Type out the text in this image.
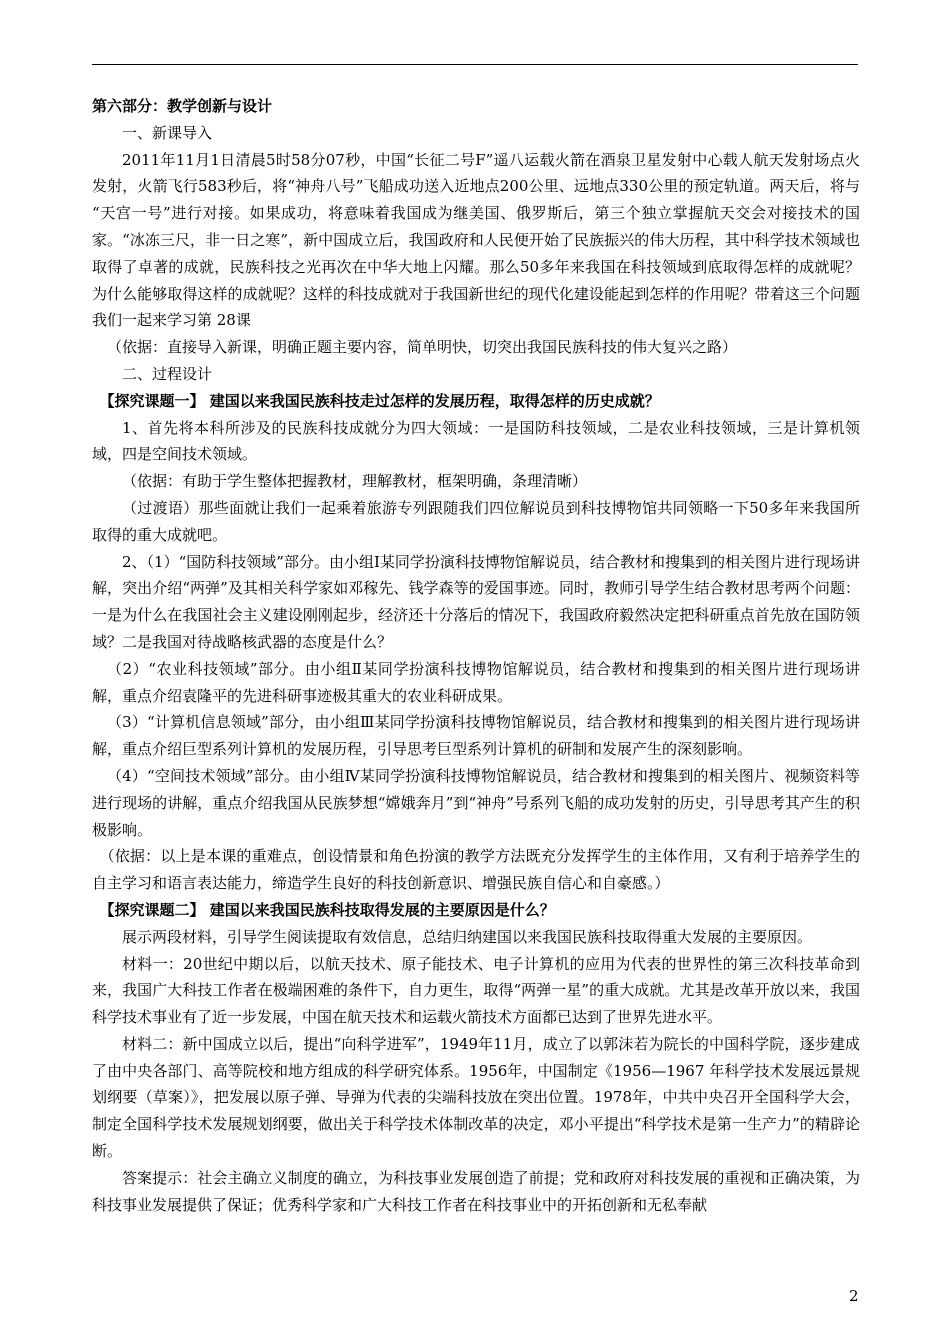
第六部分：教学创新与设计

一、新课导入

2011年11月1日清晨5时58分07秒，中国“长征二号F”遥八运载火箭在酒泉卫星发射中心载人航天发射场点火发射，火箭飞行583秒后，将“神舟八号”飞船成功送入近地点200公里、远地点330公里的预定轨道。两天后，将与 “天宫一号”进行对接。如果成功，将意味着我国成为继美国、俄罗斯后，第三个独立掌握航天交会对接技术的国家。“冰冻三尺，非一日之寒”，新中国成立后，我国政府和人民便开始了民族振兴的伟大历程，其中科学技术领域也取得了卓著的成就，民族科技之光再次在中华大地上闪耀。那么50多年来我国在科技领域到底取得怎样的成就呢？为什么能够取得这样的成就呢？这样的科技成就对于我国新世纪的现代化建设能起到怎样的作用呢？带着这三个问题我们一起来学习第 28课

（依据：直接导入新课，明确正题主要内容，简单明快，切突出我国民族科技的伟大复兴之路）

二、过程设计

【探究课题一】 建国以来我国民族科技走过怎样的发展历程，取得怎样的历史成就？

1、首先将本科所涉及的民族科技成就分为四大领域：一是国防科技领域，二是农业科技领域，三是计算机领域，四是空间技术领域。

（依据：有助于学生整体把握教材，理解教材，框架明确，条理清晰）

（过渡语）那些面就让我们一起乘着旅游专列跟随我们四位解说员到科技博物馆共同领略一下50多年来我国所取得的重大成就吧。

2、（1）“国防科技领域”部分。由小组Ⅰ某同学扮演科技博物馆解说员，结合教材和搜集到的相关图片进行现场讲解，突出介绍“两弹”及其相关科学家如邓稼先、钱学森等的爱国事迹。同时，教师引导学生结合教材思考两个问题：一是为什么在我国社会主义建设刚刚起步，经济还十分落后的情况下，我国政府毅然决定把科研重点首先放在国防领域？二是我国对待战略核武器的态度是什么？

（2）“农业科技领域”部分。由小组Ⅱ某同学扮演科技博物馆解说员，结合教材和搜集到的相关图片进行现场讲解，重点介绍袁隆平的先进科研事迹极其重大的农业科研成果。

（3）“计算机信息领域”部分，由小组Ⅲ某同学扮演科技博物馆解说员，结合教材和搜集到的相关图片进行现场讲解，重点介绍巨型系列计算机的发展历程，引导思考巨型系列计算机的研制和发展产生的深刻影响。

（4）“空间技术领域”部分。由小组Ⅳ某同学扮演科技博物馆解说员，结合教材和搜集到的相关图片、视频资料等进行现场的讲解，重点介绍我国从民族梦想“嫦娥奔月”到“神舟”号系列飞船的成功发射的历史，引导思考其产生的积极影响。

（依据：以上是本课的重难点，创设情景和角色扮演的教学方法既充分发挥学生的主体作用，又有利于培养学生的自主学习和语言表达能力，缔造学生良好的科技创新意识、增强民族自信心和自豪感。）

【探究课题二】 建国以来我国民族科技取得发展的主要原因是什么？

展示两段材料，引导学生阅读提取有效信息，总结归纳建国以来我国民族科技取得重大发展的主要原因。

材料一：20世纪中期以后，以航天技术、原子能技术、电子计算机的应用为代表的世界性的第三次科技革命到来，我国广大科技工作者在极端困难的条件下，自力更生，取得“两弹一星”的重大成就。尤其是改革开放以来，我国科学技术事业有了近一步发展，中国在航天技术和运载火箭技术方面都已达到了世界先进水平。

材料二：新中国成立以后，提出“向科学进军”，1949年11月，成立了以郭沫若为院长的中国科学院，逐步建成了由中央各部门、高等院校和地方组成的科学研究体系。1956年，中国制定《1956—1967 年科学技术发展远景规划纲要（草案）》，把发展以原子弹、导弹为代表的尖端科技放在突出位置。1978年，中共中央召开全国科学大会，制定全国科学技术发展规划纲要，做出关于科学技术体制改革的决定，邓小平提出“科学技术是第一生产力”的精辟论断。

答案提示：社会主确立义制度的确立，为科技事业发展创造了前提；党和政府对科技发展的重视和正确决策，为科技事业发展提供了保证；优秀科学家和广大科技工作者在科技事业中的开拓创新和无私奉献

2
